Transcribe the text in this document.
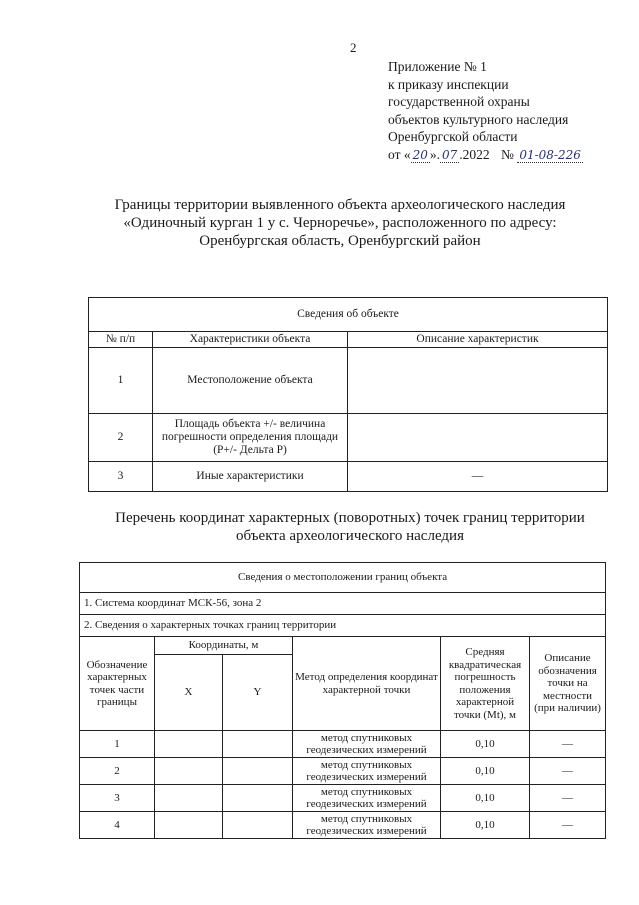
2
Приложение № 1
к приказу инспекции
государственной охраны
объектов культурного наследия
Оренбургской области
от « 20 ». 07 .2022 № 01-08-226
Границы территории выявленного объекта археологического наследия
«Одиночный курган 1 у с. Черноречье», расположенного по адресу:
Оренбургская область, Оренбургский район
Сведения об объекте		
№ п/п	Характеристики объекта	Описание характеристик
1	Местоположение объекта	
2	Площадь объекта +/- величина погрешности определения площади (P+/- Дельта P)	
3	Иные характеристики	—
Перечень координат характерных (поворотных) точек границ территории
объекта археологического наследия
Сведения о местоположении границ объекта					
1. Система координат МСК-56, зона 2					
2. Сведения о характерных точках границ территории					
Обозначение характерных точек части границы	Координаты, м		Метод определения координат характерной точки	Средняя квадратическая погрешность положения характерной точки (Mt), м	Описание обозначения точки на местности (при наличии)
	X	Y			
1			метод спутниковых геодезических измерений	0,10	—
2			метод спутниковых геодезических измерений	0,10	—
3			метод спутниковых геодезических измерений	0,10	—
4			метод спутниковых геодезических измерений	0,10	—
